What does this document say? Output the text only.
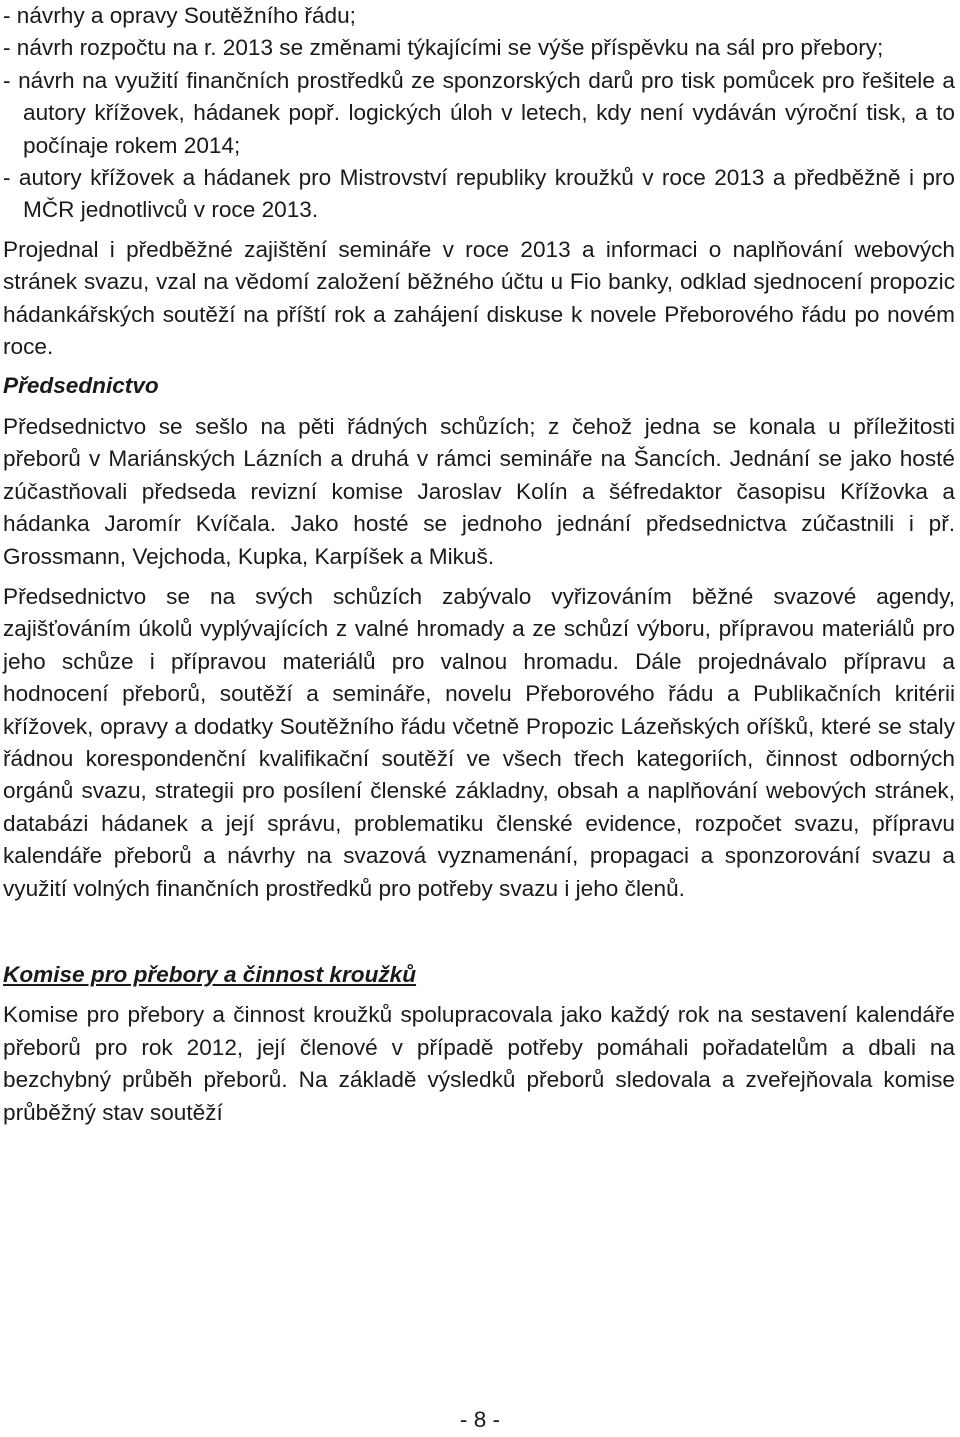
- návrhy a opravy Soutěžního řádu;
- návrh rozpočtu na r. 2013 se změnami týkajícími se výše příspěvku na sál pro přebory;
- návrh na využití finančních prostředků ze sponzorských darů pro tisk pomůcek pro řešitele a autory křížovek, hádanek popř. logických úloh v letech, kdy není vydáván výroční tisk, a to počínaje rokem 2014;
- autory křížovek a hádanek pro Mistrovství republiky kroužků v roce 2013 a předběžně i pro MČR jednotlivců v roce 2013.

Projednal i předběžné zajištění semináře v roce 2013 a informaci o naplňování webových stránek svazu, vzal na vědomí založení běžného účtu u Fio banky, odklad sjednocení propozic hádankářských soutěží na příští rok a zahájení diskuse k novele Přeborového řádu po novém roce.

Předsednictvo

Předsednictvo se sešlo na pěti řádných schůzích; z čehož jedna se konala u příležitosti přeborů v Mariánských Lázních a druhá v rámci semináře na Šancích. Jednání se jako hosté zúčastňovali předseda revizní komise Jaroslav Kolín a šéfredaktor časopisu Křížovka a hádanka Jaromír Kvíčala. Jako hosté se jednoho jednání předsednictva zúčastnili i př. Grossmann, Vejchoda, Kupka, Karpíšek a Mikuš.

Předsednictvo se na svých schůzích zabývalo vyřizováním běžné svazové agendy, zajišťováním úkolů vyplývajících z valné hromady a ze schůzí výboru, přípravou materiálů pro jeho schůze i přípravou materiálů pro valnou hromadu. Dále projednávalo přípravu a hodnocení přeborů, soutěží a semináře, novelu Přeborového řádu a Publikačních kritérii křížovek, opravy a dodatky Soutěžního řádu včetně Propozic Lázeňských oříšků, které se staly řádnou korespondenční kvalifikační soutěží ve všech třech kategoriích, činnost odborných orgánů svazu, strategii pro posílení členské základny, obsah a naplňování webových stránek, databázi hádanek a její správu, problematiku členské evidence, rozpočet svazu, přípravu kalendáře přeborů a návrhy na svazová vyznamenání, propagaci a sponzorování svazu a využití volných finančních prostředků pro potřeby svazu i jeho členů.

Komise pro přebory a činnost kroužků

Komise pro přebory a činnost kroužků spolupracovala jako každý rok na sestavení kalendáře přeborů pro rok 2012, její členové v případě potřeby pomáhali pořadatelům a dbali na bezchybný průběh přeborů. Na základě výsledků přeborů sledovala a zveřejňovala komise průběžný stav soutěží

- 8 -
